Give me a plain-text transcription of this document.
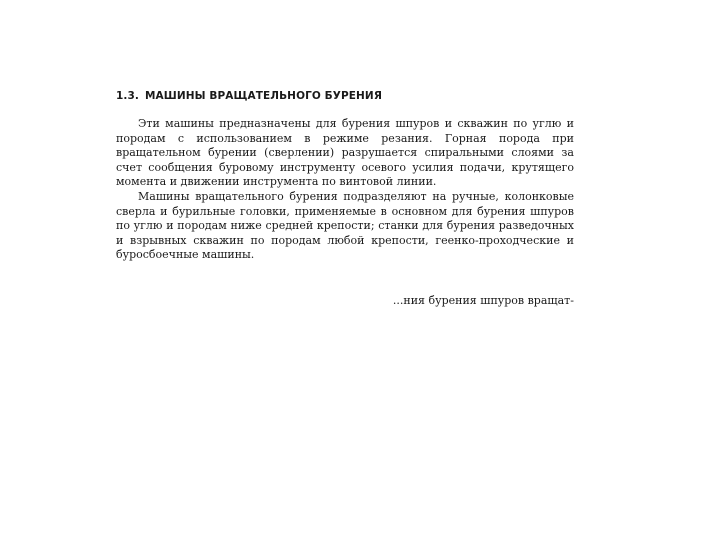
1.3. МАШИНЫ ВРАЩАТЕЛЬНОГО БУРЕНИЯ

Эти машины предназначены для бурения шпуров и скважин по углю и породам с использованием в режиме резания. Горная порода при вращательном бурении (сверлении) разрушается спиральными слоями за счет сообщения буровому инструменту осевого усилия подачи, крутящего момента и движении инструмента по винтовой линии.

Машины вращательного бурения подразделяют на ручные, колонковые сверла и бурильные головки, применяемые в основном для бурения шпуров по углю и породам ниже средней крепости; станки для бурения разведочных и взрывных скважин по породам любой крепости, геенко-проходческие и буросбоечные машины.

...ния бурения шпуров вращат-
